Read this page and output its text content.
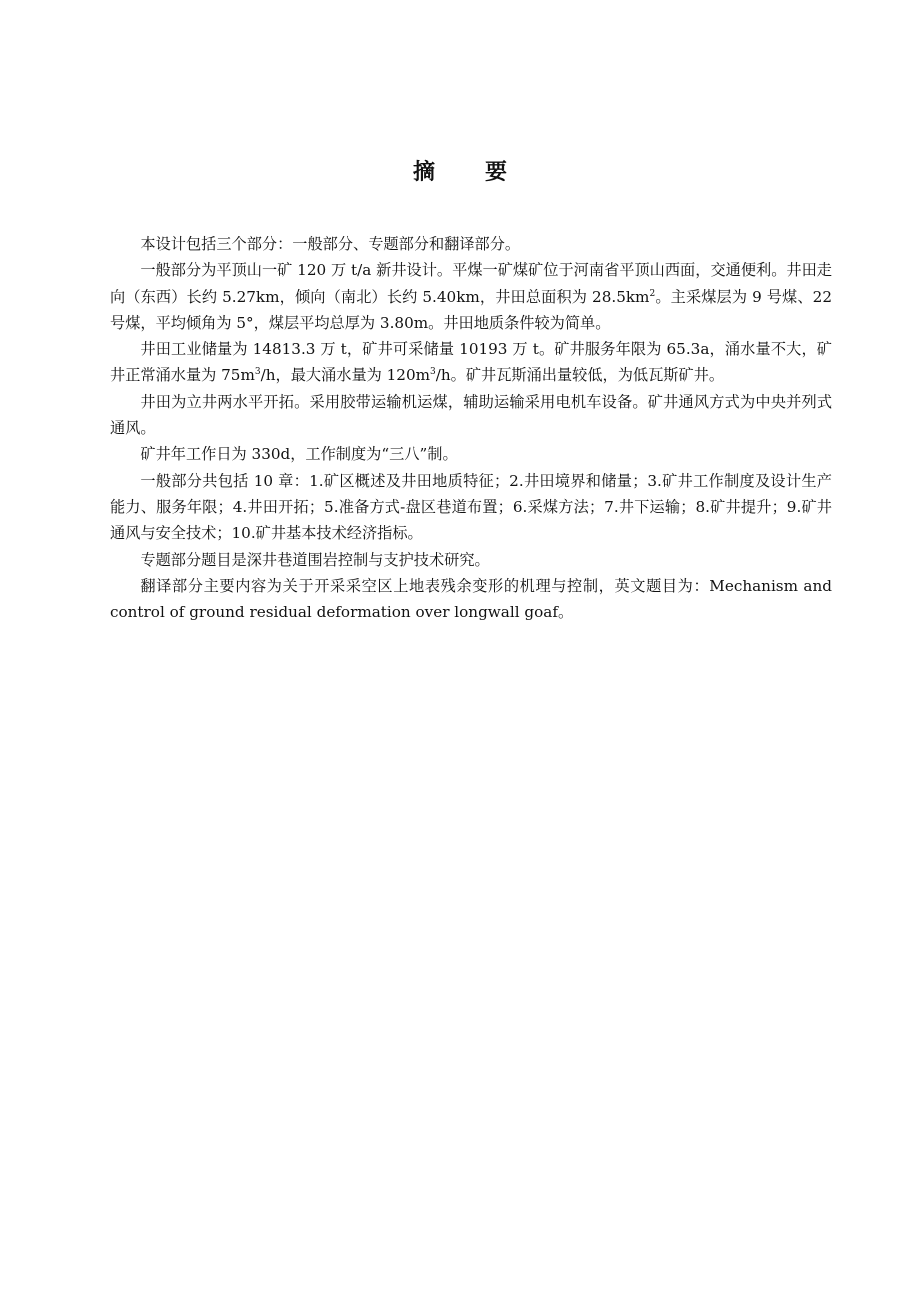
摘　要

本设计包括三个部分：一般部分、专题部分和翻译部分。

一般部分为平顶山一矿 120 万 t/a 新井设计。平煤一矿煤矿位于河南省平顶山西面，交通便利。井田走向（东西）长约 5.27km，倾向（南北）长约 5.40km，井田总面积为 $28.5km^2$。主采煤层为 9 号煤、22 号煤，平均倾角为 5°，煤层平均总厚为 3.80m。井田地质条件较为简单。

井田工业储量为 14813.3 万 t，矿井可采储量 10193 万 t。矿井服务年限为 65.3a，涌水量不大，矿井正常涌水量为 $75m^3/h$，最大涌水量为 $120m^3/h$。矿井瓦斯涌出量较低，为低瓦斯矿井。

井田为立井两水平开拓。采用胶带运输机运煤，辅助运输采用电机车设备。矿井通风方式为中央并列式通风。

矿井年工作日为 330d，工作制度为“三八”制。

一般部分共包括 10 章：1.矿区概述及井田地质特征；2.井田境界和储量；3.矿井工作制度及设计生产能力、服务年限；4.井田开拓；5.准备方式-盘区巷道布置；6.采煤方法；7.井下运输；8.矿井提升；9.矿井通风与安全技术；10.矿井基本技术经济指标。

专题部分题目是深井巷道围岩控制与支护技术研究。

翻译部分主要内容为关于开采采空区上地表残余变形的机理与控制，英文题目为：Mechanism and control of ground residual deformation over longwall goaf。
